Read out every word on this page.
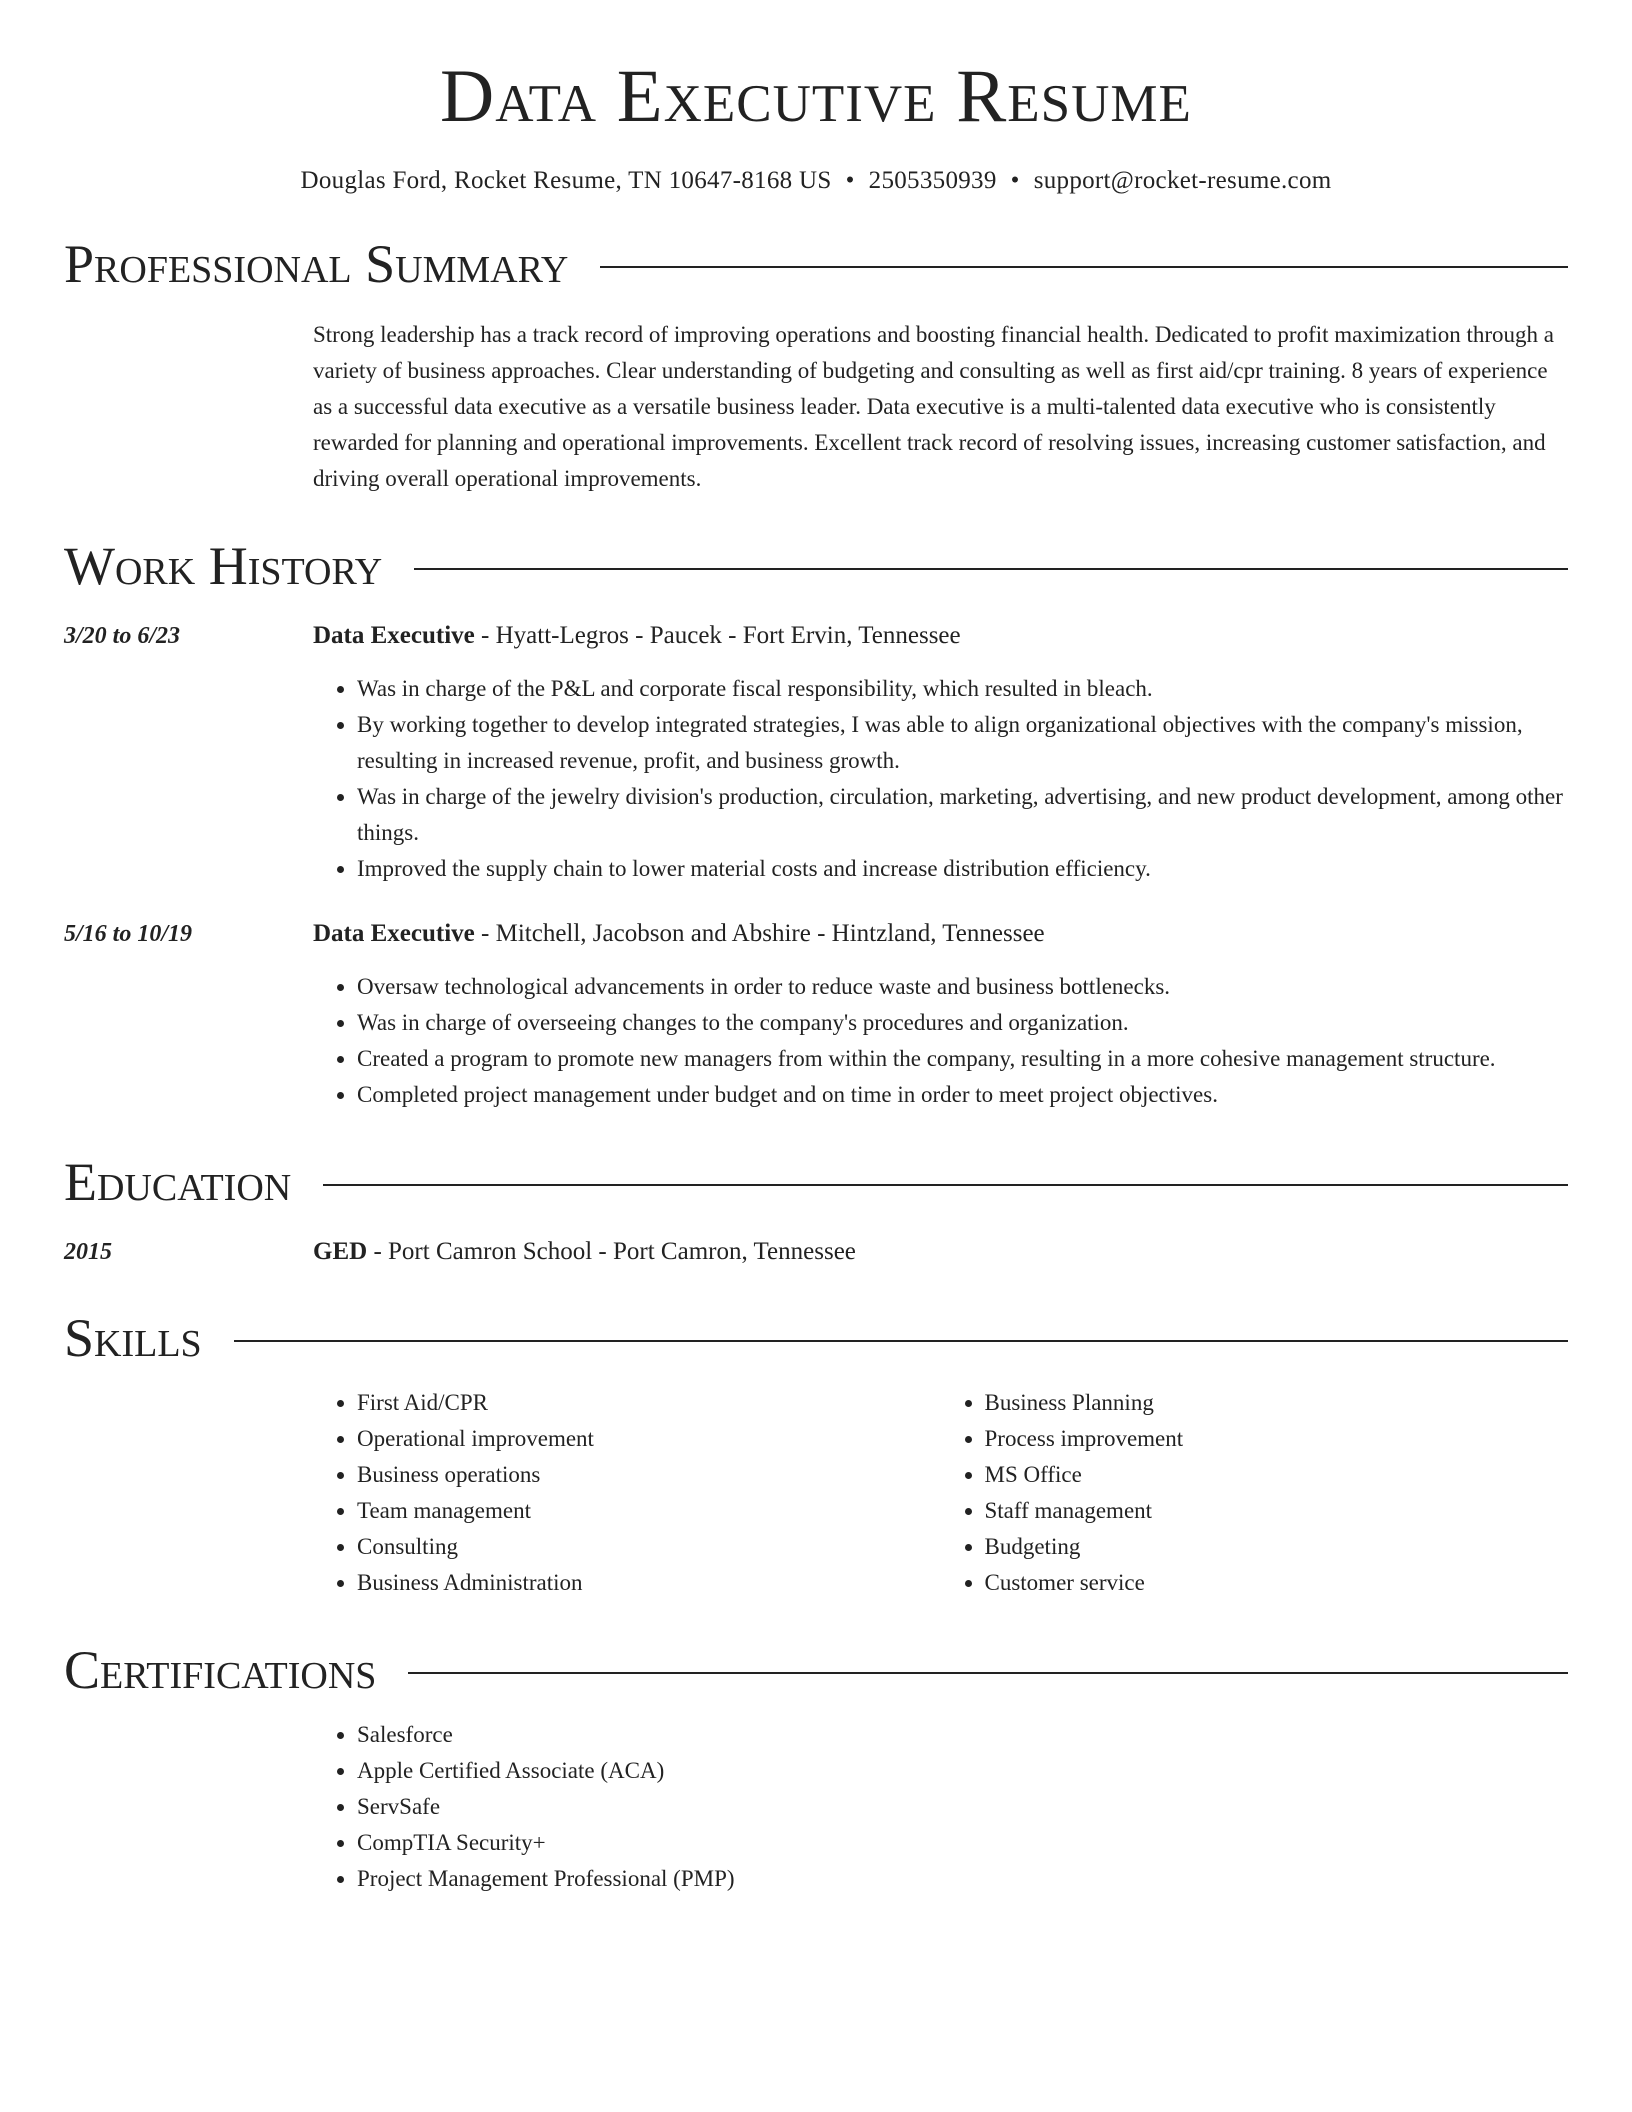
Data Executive Resume
Douglas Ford, Rocket Resume, TN 10647-8168 US • 2505350939 • support@rocket-resume.com
Professional Summary
Strong leadership has a track record of improving operations and boosting financial health. Dedicated to profit maximization through a variety of business approaches. Clear understanding of budgeting and consulting as well as first aid/cpr training. 8 years of experience as a successful data executive as a versatile business leader. Data executive is a multi-talented data executive who is consistently rewarded for planning and operational improvements. Excellent track record of resolving issues, increasing customer satisfaction, and driving overall operational improvements.
Work History
3/20 to 6/23	Data Executive - Hyatt-Legros - Paucek - Fort Ervin, Tennessee
• Was in charge of the P&L and corporate fiscal responsibility, which resulted in bleach.
• By working together to develop integrated strategies, I was able to align organizational objectives with the company's mission, resulting in increased revenue, profit, and business growth.
• Was in charge of the jewelry division's production, circulation, marketing, advertising, and new product development, among other things.
• Improved the supply chain to lower material costs and increase distribution efficiency.
5/16 to 10/19	Data Executive - Mitchell, Jacobson and Abshire - Hintzland, Tennessee
• Oversaw technological advancements in order to reduce waste and business bottlenecks.
• Was in charge of overseeing changes to the company's procedures and organization.
• Created a program to promote new managers from within the company, resulting in a more cohesive management structure.
• Completed project management under budget and on time in order to meet project objectives.
Education
2015	GED - Port Camron School - Port Camron, Tennessee
Skills
• First Aid/CPR
• Operational improvement
• Business operations
• Team management
• Consulting
• Business Administration
• Business Planning
• Process improvement
• MS Office
• Staff management
• Budgeting
• Customer service
Certifications
• Salesforce
• Apple Certified Associate (ACA)
• ServSafe
• CompTIA Security+
• Project Management Professional (PMP)
